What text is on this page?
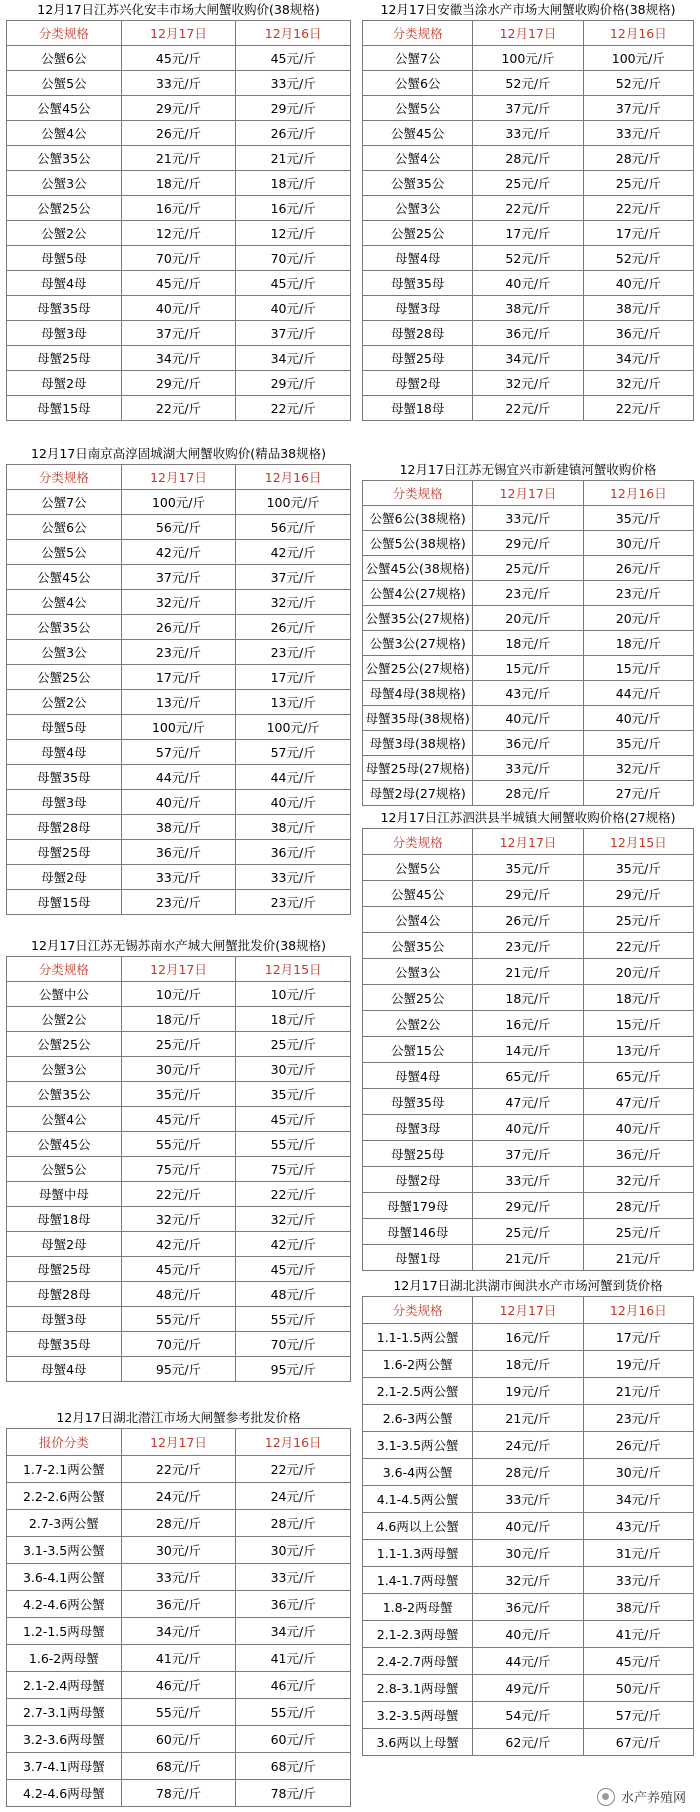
12月17日江苏兴化安丰市场大闸蟹收购价(38规格)
分类规格	12月17日	12月16日
公蟹6公	45元/斤	45元/斤
公蟹5公	33元/斤	33元/斤
公蟹45公	29元/斤	29元/斤
公蟹4公	26元/斤	26元/斤
公蟹35公	21元/斤	21元/斤
公蟹3公	18元/斤	18元/斤
公蟹25公	16元/斤	16元/斤
公蟹2公	12元/斤	12元/斤
母蟹5母	70元/斤	70元/斤
母蟹4母	45元/斤	45元/斤
母蟹35母	40元/斤	40元/斤
母蟹3母	37元/斤	37元/斤
母蟹25母	34元/斤	34元/斤
母蟹2母	29元/斤	29元/斤
母蟹15母	22元/斤	22元/斤
12月17日南京高淳固城湖大闸蟹收购价(精品38规格)
分类规格	12月17日	12月16日
公蟹7公	100元/斤	100元/斤
公蟹6公	56元/斤	56元/斤
公蟹5公	42元/斤	42元/斤
公蟹45公	37元/斤	37元/斤
公蟹4公	32元/斤	32元/斤
公蟹35公	26元/斤	26元/斤
公蟹3公	23元/斤	23元/斤
公蟹25公	17元/斤	17元/斤
公蟹2公	13元/斤	13元/斤
母蟹5母	100元/斤	100元/斤
母蟹4母	57元/斤	57元/斤
母蟹35母	44元/斤	44元/斤
母蟹3母	40元/斤	40元/斤
母蟹28母	38元/斤	38元/斤
母蟹25母	36元/斤	36元/斤
母蟹2母	33元/斤	33元/斤
母蟹15母	23元/斤	23元/斤
12月17日江苏无锡苏南水产城大闸蟹批发价(38规格)
分类规格	12月17日	12月15日
公蟹中公	10元/斤	10元/斤
公蟹2公	18元/斤	18元/斤
公蟹25公	25元/斤	25元/斤
公蟹3公	30元/斤	30元/斤
公蟹35公	35元/斤	35元/斤
公蟹4公	45元/斤	45元/斤
公蟹45公	55元/斤	55元/斤
公蟹5公	75元/斤	75元/斤
母蟹中母	22元/斤	22元/斤
母蟹18母	32元/斤	32元/斤
母蟹2母	42元/斤	42元/斤
母蟹25母	45元/斤	45元/斤
母蟹28母	48元/斤	48元/斤
母蟹3母	55元/斤	55元/斤
母蟹35母	70元/斤	70元/斤
母蟹4母	95元/斤	95元/斤
12月17日湖北潜江市场大闸蟹参考批发价格
报价分类	12月17日	12月16日
1.7-2.1两公蟹	22元/斤	22元/斤
2.2-2.6两公蟹	24元/斤	24元/斤
2.7-3两公蟹	28元/斤	28元/斤
3.1-3.5两公蟹	30元/斤	30元/斤
3.6-4.1两公蟹	33元/斤	33元/斤
4.2-4.6两公蟹	36元/斤	36元/斤
1.2-1.5两母蟹	34元/斤	34元/斤
1.6-2两母蟹	41元/斤	41元/斤
2.1-2.4两母蟹	46元/斤	46元/斤
2.7-3.1两母蟹	55元/斤	55元/斤
3.2-3.6两母蟹	60元/斤	60元/斤
3.7-4.1两母蟹	68元/斤	68元/斤
4.2-4.6两母蟹	78元/斤	78元/斤
12月17日安徽当涂水产市场大闸蟹收购价格(38规格)
分类规格	12月17日	12月16日
公蟹7公	100元/斤	100元/斤
公蟹6公	52元/斤	52元/斤
公蟹5公	37元/斤	37元/斤
公蟹45公	33元/斤	33元/斤
公蟹4公	28元/斤	28元/斤
公蟹35公	25元/斤	25元/斤
公蟹3公	22元/斤	22元/斤
公蟹25公	17元/斤	17元/斤
母蟹4母	52元/斤	52元/斤
母蟹35母	40元/斤	40元/斤
母蟹3母	38元/斤	38元/斤
母蟹28母	36元/斤	36元/斤
母蟹25母	34元/斤	34元/斤
母蟹2母	32元/斤	32元/斤
母蟹18母	22元/斤	22元/斤
12月17日江苏无锡宜兴市新建镇河蟹收购价格
分类规格	12月17日	12月16日
公蟹6公(38规格)	33元/斤	35元/斤
公蟹5公(38规格)	29元/斤	30元/斤
公蟹45公(38规格)	25元/斤	26元/斤
公蟹4公(27规格)	23元/斤	23元/斤
公蟹35公(27规格)	20元/斤	20元/斤
公蟹3公(27规格)	18元/斤	18元/斤
公蟹25公(27规格)	15元/斤	15元/斤
母蟹4母(38规格)	43元/斤	44元/斤
母蟹35母(38规格)	40元/斤	40元/斤
母蟹3母(38规格)	36元/斤	35元/斤
母蟹25母(27规格)	33元/斤	32元/斤
母蟹2母(27规格)	28元/斤	27元/斤
12月17日江苏泗洪县半城镇大闸蟹收购价格(27规格)
分类规格	12月17日	12月15日
公蟹5公	35元/斤	35元/斤
公蟹45公	29元/斤	29元/斤
公蟹4公	26元/斤	25元/斤
公蟹35公	23元/斤	22元/斤
公蟹3公	21元/斤	20元/斤
公蟹25公	18元/斤	18元/斤
公蟹2公	16元/斤	15元/斤
公蟹15公	14元/斤	13元/斤
母蟹4母	65元/斤	65元/斤
母蟹35母	47元/斤	47元/斤
母蟹3母	40元/斤	40元/斤
母蟹25母	37元/斤	36元/斤
母蟹2母	33元/斤	32元/斤
母蟹179母	29元/斤	28元/斤
母蟹146母	25元/斤	25元/斤
母蟹1母	21元/斤	21元/斤
12月17日湖北洪湖市闽洪水产市场河蟹到货价格
分类规格	12月17日	12月16日
1.1-1.5两公蟹	16元/斤	17元/斤
1.6-2两公蟹	18元/斤	19元/斤
2.1-2.5两公蟹	19元/斤	21元/斤
2.6-3两公蟹	21元/斤	23元/斤
3.1-3.5两公蟹	24元/斤	26元/斤
3.6-4两公蟹	28元/斤	30元/斤
4.1-4.5两公蟹	33元/斤	34元/斤
4.6两以上公蟹	40元/斤	43元/斤
1.1-1.3两母蟹	30元/斤	31元/斤
1.4-1.7两母蟹	32元/斤	33元/斤
1.8-2两母蟹	36元/斤	38元/斤
2.1-2.3两母蟹	40元/斤	41元/斤
2.4-2.7两母蟹	44元/斤	45元/斤
2.8-3.1两母蟹	49元/斤	50元/斤
3.2-3.5两母蟹	54元/斤	57元/斤
3.6两以上母蟹	62元/斤	67元/斤
水产养殖网
